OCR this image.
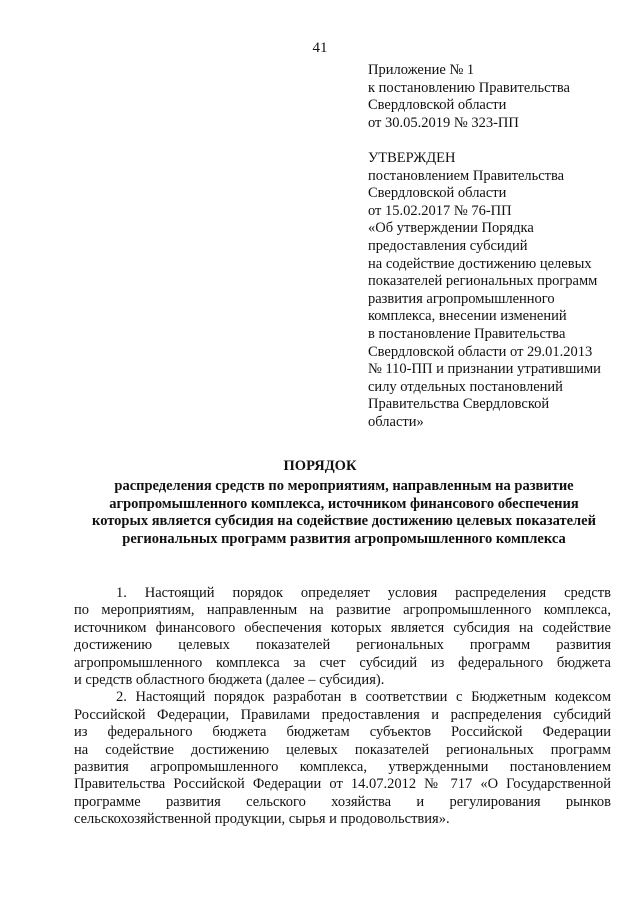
41
Приложение № 1
к постановлению Правительства
Свердловской области
от 30.05.2019 № 323-ПП
УТВЕРЖДЕН
постановлением Правительства
Свердловской области
от 15.02.2017 № 76-ПП
«Об утверждении Порядка
предоставления субсидий
на содействие достижению целевых
показателей региональных программ
развития агропромышленного
комплекса, внесении изменений
в постановление Правительства
Свердловской области от 29.01.2013
№ 110-ПП и признании утратившими
силу отдельных постановлений
Правительства Свердловской
области»
ПОРЯДОК
распределения средств по мероприятиям, направленным на развитие
агропромышленного комплекса, источником финансового обеспечения
которых является субсидия на содействие достижению целевых показателей
региональных программ развития агропромышленного комплекса
1. Настоящий порядок определяет условия распределения средств
по мероприятиям, направленным на развитие агропромышленного комплекса,
источником финансового обеспечения которых является субсидия на содействие
достижению целевых показателей региональных программ развития
агропромышленного комплекса за счет субсидий из федерального бюджета
и средств областного бюджета (далее – субсидия).
2. Настоящий порядок разработан в соответствии с Бюджетным кодексом
Российской Федерации, Правилами предоставления и распределения субсидий
из федерального бюджета бюджетам субъектов Российской Федерации
на содействие достижению целевых показателей региональных программ
развития агропромышленного комплекса, утвержденными постановлением
Правительства Российской Федерации от 14.07.2012 № 717 «О Государственной
программе развития сельского хозяйства и регулирования рынков
сельскохозяйственной продукции, сырья и продовольствия».
